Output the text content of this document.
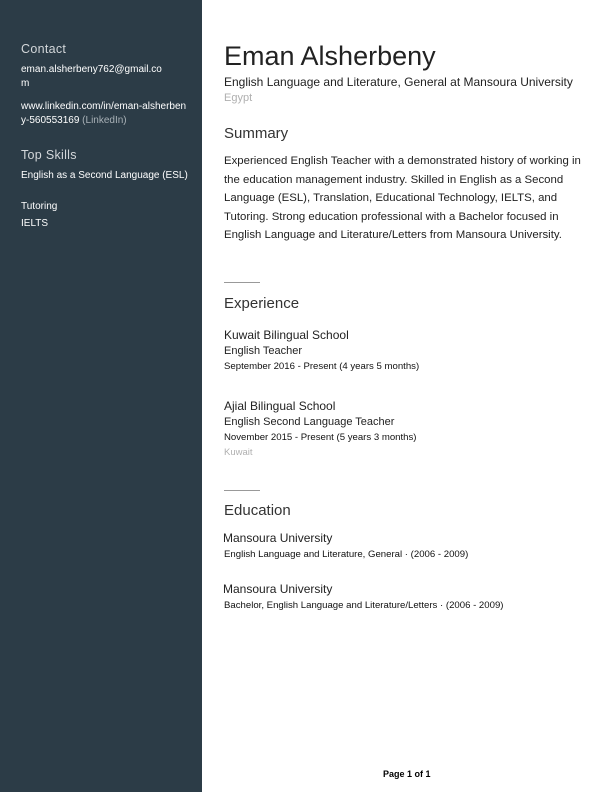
Contact
eman.alsherbeny762@gmail.co
m
www.linkedin.com/in/eman-alsherbeny-560553169 (LinkedIn)
Top Skills
English as a Second Language (ESL)
Tutoring
IELTS
Eman Alsherbeny
English Language and Literature, General at Mansoura University
Egypt
Summary
Experienced English Teacher with a demonstrated history of working in the education management industry. Skilled in English as a Second Language (ESL), Translation, Educational Technology, IELTS, and Tutoring. Strong education professional with a Bachelor focused in English Language and Literature/Letters from Mansoura University.
Experience
Kuwait Bilingual School
English Teacher
September 2016 - Present (4 years 5 months)
Ajial Bilingual School
English Second Language Teacher
November 2015 - Present (5 years 3 months)
Kuwait
Education
Mansoura University
English Language and Literature, General · (2006 - 2009)
Mansoura University
Bachelor, English Language and Literature/Letters · (2006 - 2009)
Page 1 of 1
